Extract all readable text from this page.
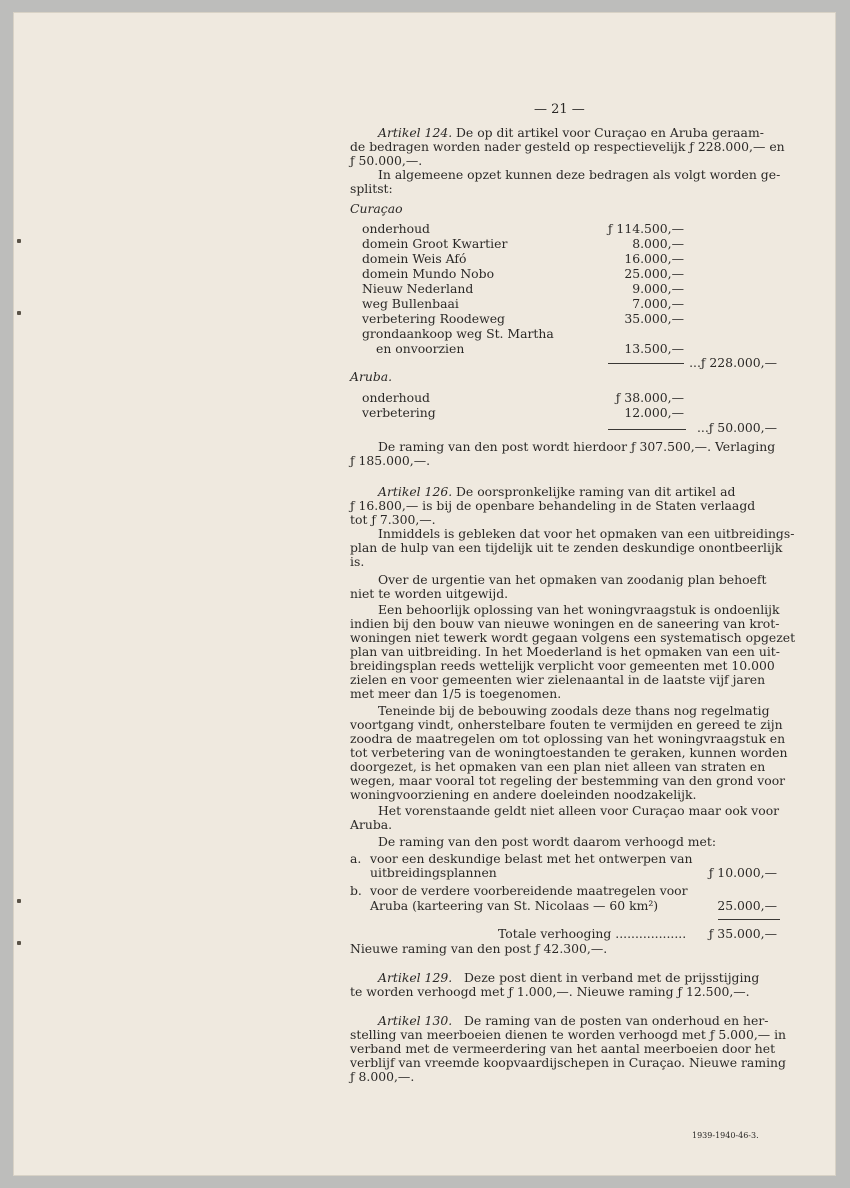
— 21 —
Artikel 124. De op dit artikel voor Curaçao en Aruba geraam-
de bedragen worden nader gesteld op respectievelijk ƒ 228.000,— en
ƒ 50.000,—.
In algemeene opzet kunnen deze bedragen als volgt worden ge-
splitst:
Curaçao
onderhoud	ƒ 114.500,—
domein Groot Kwartier	8.000,—
domein Weis Afó	16.000,—
domein Mundo Nobo	25.000,—
Nieuw Nederland	9.000,—
weg Bullenbaai	7.000,—
verbetering Roodeweg	35.000,—
grondaankoop weg St. Martha
en onvoorzien	13.500,—
...ƒ 228.000,—
Aruba.
onderhoud	ƒ 38.000,—
verbetering	12.000,—
...ƒ 50.000,—
De raming van den post wordt hierdoor ƒ 307.500,—. Verlaging
ƒ 185.000,—.
Artikel 126. De oorspronkelijke raming van dit artikel ad
ƒ 16.800,— is bij de openbare behandeling in de Staten verlaagd
tot ƒ 7.300,—.
Inmiddels is gebleken dat voor het opmaken van een uitbreidings-
plan de hulp van een tijdelijk uit te zenden deskundige onontbeerlijk
is.
Over de urgentie van het opmaken van zoodanig plan behoeft
niet te worden uitgewijd.
Een behoorlijk oplossing van het woningvraagstuk is ondoenlijk
indien bij den bouw van nieuwe woningen en de saneering van krot-
woningen niet tewerk wordt gegaan volgens een systematisch opgezet
plan van uitbreiding. In het Moederland is het opmaken van een uit-
breidingsplan reeds wettelijk verplicht voor gemeenten met 10.000
zielen en voor gemeenten wier zielenaantal in de laatste vijf jaren
met meer dan 1/5 is toegenomen.
Teneinde bij de bebouwing zoodals deze thans nog regelmatig
voortgang vindt, onherstelbare fouten te vermijden en gereed te zijn
zoodra de maatregelen om tot oplossing van het woningvraagstuk en
tot verbetering van de woningtoestanden te geraken, kunnen worden
doorgezet, is het opmaken van een plan niet alleen van straten en
wegen, maar vooral tot regeling der bestemming van den grond voor
woningvoorziening en andere doeleinden noodzakelijk.
Het vorenstaande geldt niet alleen voor Curaçao maar ook voor
Aruba.
De raming van den post wordt daarom verhoogd met:
a. voor een deskundige belast met het ontwerpen van
uitbreidingsplannen	ƒ 10.000,—
b. voor de verdere voorbereidende maatregelen voor
Aruba (karteering van St. Nicolaas — 60 km²)	25.000,—
Totale verhooging .................. ƒ 35.000,—
Nieuwe raming van den post ƒ 42.300,—.
Artikel 129. Deze post dient in verband met de prijsstijging
te worden verhoogd met ƒ 1.000,—. Nieuwe raming ƒ 12.500,—.
Artikel 130. De raming van de posten van onderhoud en her-
stelling van meerboeien dienen te worden verhoogd met ƒ 5.000,— in
verband met de vermeerdering van het aantal meerboeien door het
verblijf van vreemde koopvaardijschepen in Curaçao. Nieuwe raming
ƒ 8.000,—.
1939-1940-46-3.
